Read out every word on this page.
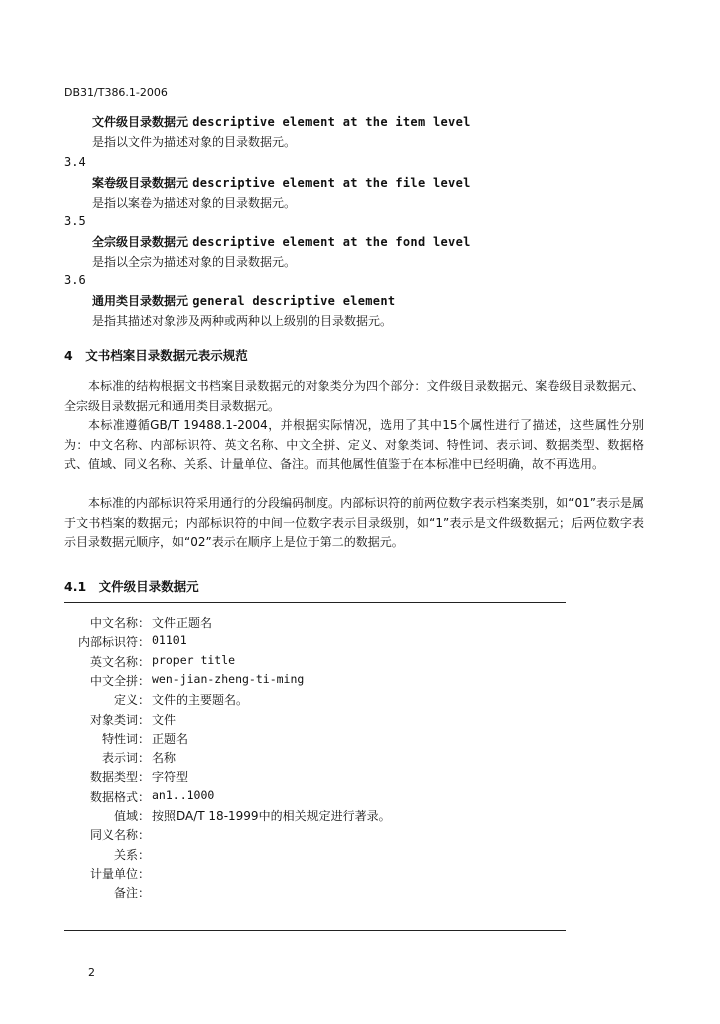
DB31/T386.1-2006
文件级目录数据元 descriptive element at the item level
是指以文件为描述对象的目录数据元。
3.4
案卷级目录数据元 descriptive element at the file level
是指以案卷为描述对象的目录数据元。
3.5
全宗级目录数据元 descriptive element at the fond level
是指以全宗为描述对象的目录数据元。
3.6
通用类目录数据元 general descriptive element
是指其描述对象涉及两种或两种以上级别的目录数据元。
4　文书档案目录数据元表示规范
本标准的结构根据文书档案目录数据元的对象类分为四个部分：文件级目录数据元、案卷级目录数据元、全宗级目录数据元和通用类目录数据元。
本标准遵循GB/T 19488.1-2004，并根据实际情况，选用了其中15个属性进行了描述，这些属性分别为：中文名称、内部标识符、英文名称、中文全拼、定义、对象类词、特性词、表示词、数据类型、数据格式、值域、同义名称、关系、计量单位、备注。而其他属性值鉴于在本标准中已经明确，故不再选用。
本标准的内部标识符采用通行的分段编码制度。内部标识符的前两位数字表示档案类别，如“01”表示是属于文书档案的数据元；内部标识符的中间一位数字表示目录级别，如“1”表示是文件级数据元；后两位数字表示目录数据元顺序，如“02”表示在顺序上是位于第二的数据元。
4.1　文件级目录数据元
中文名称： 文件正题名
内部标识符： 01101
英文名称： proper title
中文全拼： wen-jian-zheng-ti-ming
定义： 文件的主要题名。
对象类词： 文件
特性词： 正题名
表示词： 名称
数据类型： 字符型
数据格式： an1..1000
值域： 按照DA/T 18-1999中的相关规定进行著录。
同义名称：
关系：
计量单位：
备注：
2
